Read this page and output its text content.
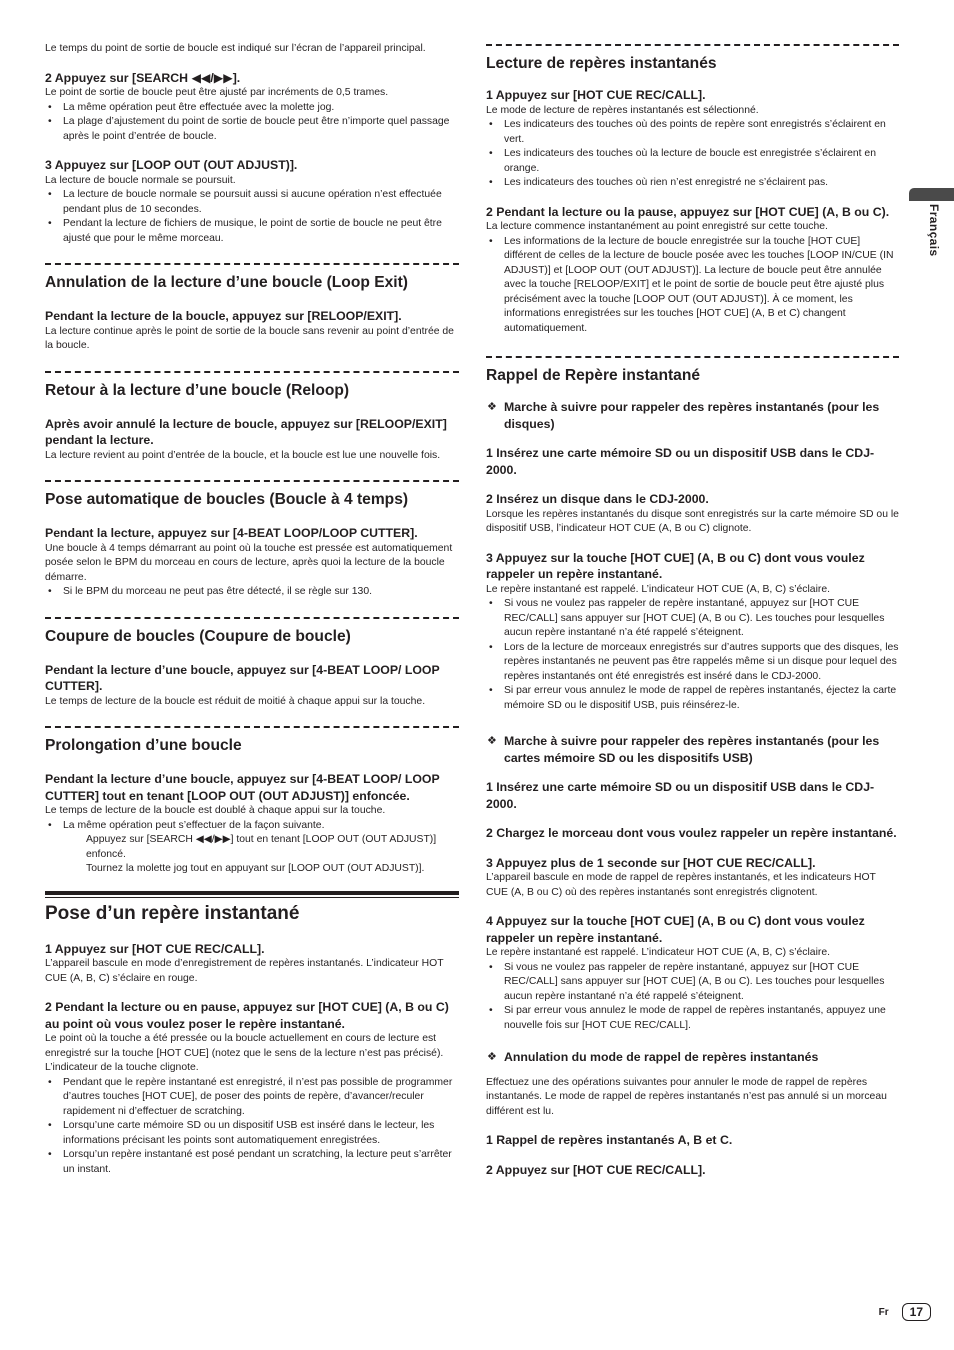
Le temps du point de sortie de boucle est indiqué sur l’écran de l’appareil principal.

2 Appuyez sur [SEARCH ◀◀/▶▶].

Le point de sortie de boucle peut être ajusté par incréments de 0,5 trames.

• La même opération peut être effectuée avec la molette jog.

• La plage d’ajustement du point de sortie de boucle peut être n’importe quel passage après le point d’entrée de boucle.

3 Appuyez sur [LOOP OUT (OUT ADJUST)].

La lecture de boucle normale se poursuit.

• La lecture de boucle normale se poursuit aussi si aucune opération n’est effectuée pendant plus de 10 secondes.

• Pendant la lecture de fichiers de musique, le point de sortie de boucle ne peut être ajusté que pour le même morceau.

Annulation de la lecture d’une boucle (Loop Exit)

Pendant la lecture de la boucle, appuyez sur [RELOOP/EXIT].

La lecture continue après le point de sortie de la boucle sans revenir au point d’entrée de la boucle.

Retour à la lecture d’une boucle (Reloop)

Après avoir annulé la lecture de boucle, appuyez sur [RELOOP/EXIT] pendant la lecture.

La lecture revient au point d’entrée de la boucle, et la boucle est lue une nouvelle fois.

Pose automatique de boucles (Boucle à 4 temps)

Pendant la lecture, appuyez sur [4-BEAT LOOP/LOOP CUTTER].

Une boucle à 4 temps démarrant au point où la touche est pressée est automatiquement posée selon le BPM du morceau en cours de lecture, après quoi la lecture de la boucle démarre.

• Si le BPM du morceau ne peut pas être détecté, il se règle sur 130.

Coupure de boucles (Coupure de boucle)

Pendant la lecture d’une boucle, appuyez sur [4-BEAT LOOP/ LOOP CUTTER].

Le temps de lecture de la boucle est réduit de moitié à chaque appui sur la touche.

Prolongation d’une boucle

Pendant la lecture d’une boucle, appuyez sur [4-BEAT LOOP/ LOOP CUTTER] tout en tenant [LOOP OUT (OUT ADJUST)] enfoncée.

Le temps de lecture de la boucle est doublé à chaque appui sur la touche.

• La même opération peut s’effectuer de la façon suivante.

Appuyez sur [SEARCH ◀◀/▶▶] tout en tenant [LOOP OUT (OUT ADJUST)] enfoncé.

Tournez la molette jog tout en appuyant sur [LOOP OUT (OUT ADJUST)].

Pose d’un repère instantané

1 Appuyez sur [HOT CUE REC/CALL].

L’appareil bascule en mode d’enregistrement de repères instantanés. L’indicateur HOT CUE (A, B, C) s’éclaire en rouge.

2 Pendant la lecture ou en pause, appuyez sur [HOT CUE] (A, B ou C) au point où vous voulez poser le repère instantané.

Le point où la touche a été pressée ou la boucle actuellement en cours de lecture est enregistré sur la touche [HOT CUE] (notez que le sens de la lecture n’est pas précisé). L’indicateur de la touche clignote.

• Pendant que le repère instantané est enregistré, il n’est pas possible de programmer d’autres touches [HOT CUE], de poser des points de repère, d’avancer/reculer rapidement ni d’effectuer de scratching.

• Lorsqu’une carte mémoire SD ou un dispositif USB est inséré dans le lecteur, les informations précisant les points sont automatiquement enregistrées.

• Lorsqu’un repère instantané est posé pendant un scratching, la lecture peut s’arrêter un instant.

Lecture de repères instantanés

1 Appuyez sur [HOT CUE REC/CALL].

Le mode de lecture de repères instantanés est sélectionné.

• Les indicateurs des touches où des points de repère sont enregistrés s’éclairent en vert.

• Les indicateurs des touches où la lecture de boucle est enregistrée s’éclairent en orange.

• Les indicateurs des touches où rien n’est enregistré ne s’éclairent pas.

2 Pendant la lecture ou la pause, appuyez sur [HOT CUE] (A, B ou C).

La lecture commence instantanément au point enregistré sur cette touche.

• Les informations de la lecture de boucle enregistrée sur la touche [HOT CUE] différent de celles de la lecture de boucle posée avec les touches [LOOP IN/CUE (IN ADJUST)] et [LOOP OUT (OUT ADJUST)]. La lecture de boucle peut être annulée avec la touche [RELOOP/EXIT] et le point de sortie de boucle peut être ajusté plus précisément avec la touche [LOOP OUT (OUT ADJUST)]. À ce moment, les informations enregistrées sur les touches [HOT CUE] (A, B et C) changent automatiquement.

Rappel de Repère instantané

❖ Marche à suivre pour rappeler des repères instantanés (pour les disques)

1 Insérez une carte mémoire SD ou un dispositif USB dans le CDJ-2000.

2 Insérez un disque dans le CDJ-2000.

Lorsque les repères instantanés du disque sont enregistrés sur la carte mémoire SD ou le dispositif USB, l’indicateur HOT CUE (A, B ou C) clignote.

3 Appuyez sur la touche [HOT CUE] (A, B ou C) dont vous voulez rappeler un repère instantané.

Le repère instantané est rappelé. L’indicateur HOT CUE (A, B, C) s’éclaire.

• Si vous ne voulez pas rappeler de repère instantané, appuyez sur [HOT CUE REC/CALL] sans appuyer sur [HOT CUE] (A, B ou C). Les touches pour lesquelles aucun repère instantané n’a été rappelé s’éteignent.

• Lors de la lecture de morceaux enregistrés sur d’autres supports que des disques, les repères instantanés ne peuvent pas être rappelés même si un disque pour lequel des repères instantanés ont été enregistrés est inséré dans le CDJ-2000.

• Si par erreur vous annulez le mode de rappel de repères instantanés, éjectez la carte mémoire SD ou le dispositif USB, puis réinsérez-le.

❖ Marche à suivre pour rappeler des repères instantanés (pour les cartes mémoire SD ou les dispositifs USB)

1 Insérez une carte mémoire SD ou un dispositif USB dans le CDJ-2000.

2 Chargez le morceau dont vous voulez rappeler un repère instantané.

3 Appuyez plus de 1 seconde sur [HOT CUE REC/CALL].

L’appareil bascule en mode de rappel de repères instantanés, et les indicateurs HOT CUE (A, B ou C) où des repères instantanés sont enregistrés clignotent.

4 Appuyez sur la touche [HOT CUE] (A, B ou C) dont vous voulez rappeler un repère instantané.

Le repère instantané est rappelé. L’indicateur HOT CUE (A, B, C) s’éclaire.

• Si vous ne voulez pas rappeler de repère instantané, appuyez sur [HOT CUE REC/CALL] sans appuyer sur [HOT CUE] (A, B ou C). Les touches pour lesquelles aucun repère instantané n’a été rappelé s’éteignent.

• Si par erreur vous annulez le mode de rappel de repères instantanés, appuyez une nouvelle fois sur [HOT CUE REC/CALL].

❖ Annulation du mode de rappel de repères instantanés

Effectuez une des opérations suivantes pour annuler le mode de rappel de repères instantanés. Le mode de rappel de repères instantanés n’est pas annulé si un morceau différent est lu.

1 Rappel de repères instantanés A, B et C.

2 Appuyez sur [HOT CUE REC/CALL].

Français
Fr	17
